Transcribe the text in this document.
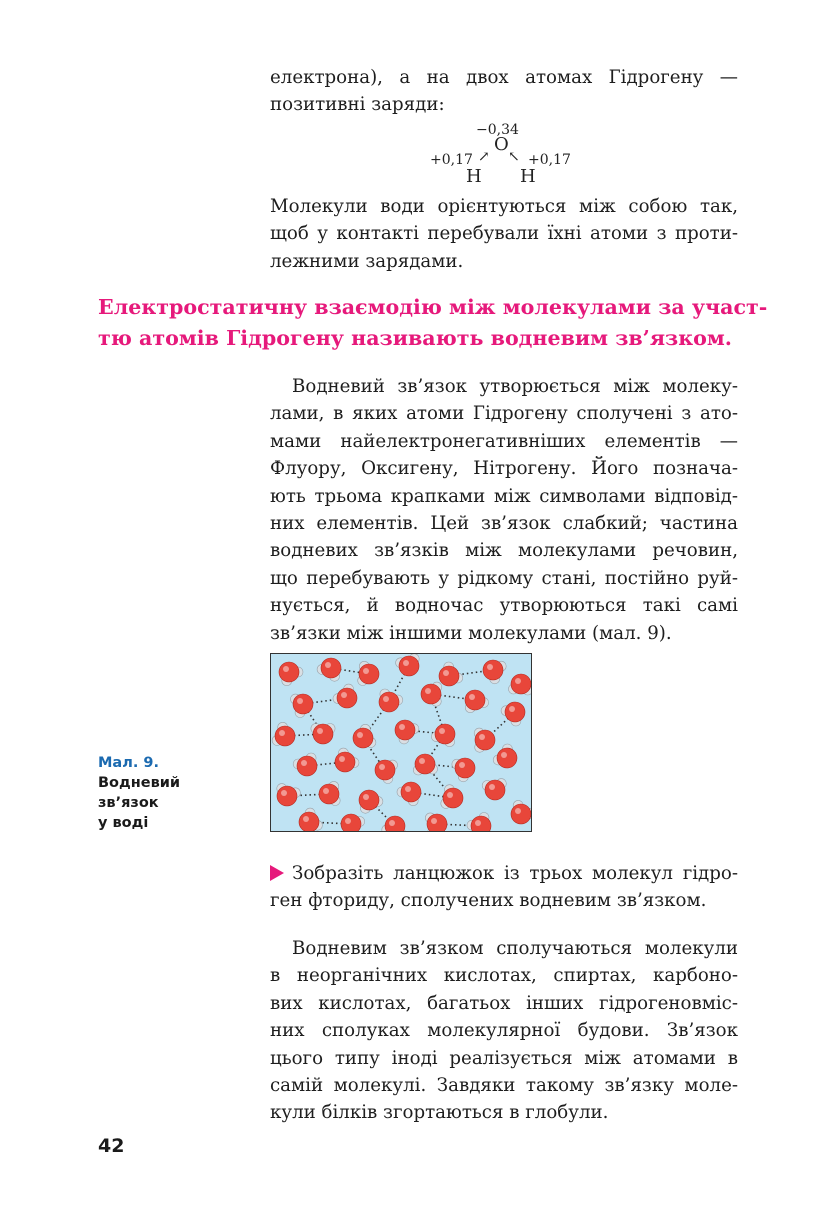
електрона), а на двох атомах Гідрогену —
позитивні заряди:
−0,34
O
+0,17 ↗ ↖ +0,17
H H
Молекули води орієнтуються між собою так,
щоб у контакті перебували їхні атоми з проти-
лежними зарядами.
Електростатичну взаємодію між молекулами за участ-
тю атомів Гідрогену називають водневим зв’язком.
Водневий зв’язок утворюється між молеку-
лами, в яких атоми Гідрогену сполучені з ато-
мами найелектронегативніших елементів —
Флуору, Оксигену, Нітрогену. Його познача-
ють трьома крапками між символами відповід-
них елементів. Цей зв’язок слабкий; частина
водневих зв’язків між молекулами речовин,
що перебувають у рідкому стані, постійно руй-
нується, й водночас утворюються такі самі
зв’язки між іншими молекулами (мал. 9).
Мал. 9.
Водневий
зв’язок
у воді
Зобразіть ланцюжок із трьох молекул гідро-
ген фториду, сполучених водневим зв’язком.
Водневим зв’язком сполучаються молекули
в неорганічних кислотах, спиртах, карбоно-
вих кислотах, багатьох інших гідрогеновміс-
них сполуках молекулярної будови. Зв’язок
цього типу іноді реалізується між атомами в
самій молекулі. Завдяки такому зв’язку моле-
кули білків згортаються в глобули.
42
